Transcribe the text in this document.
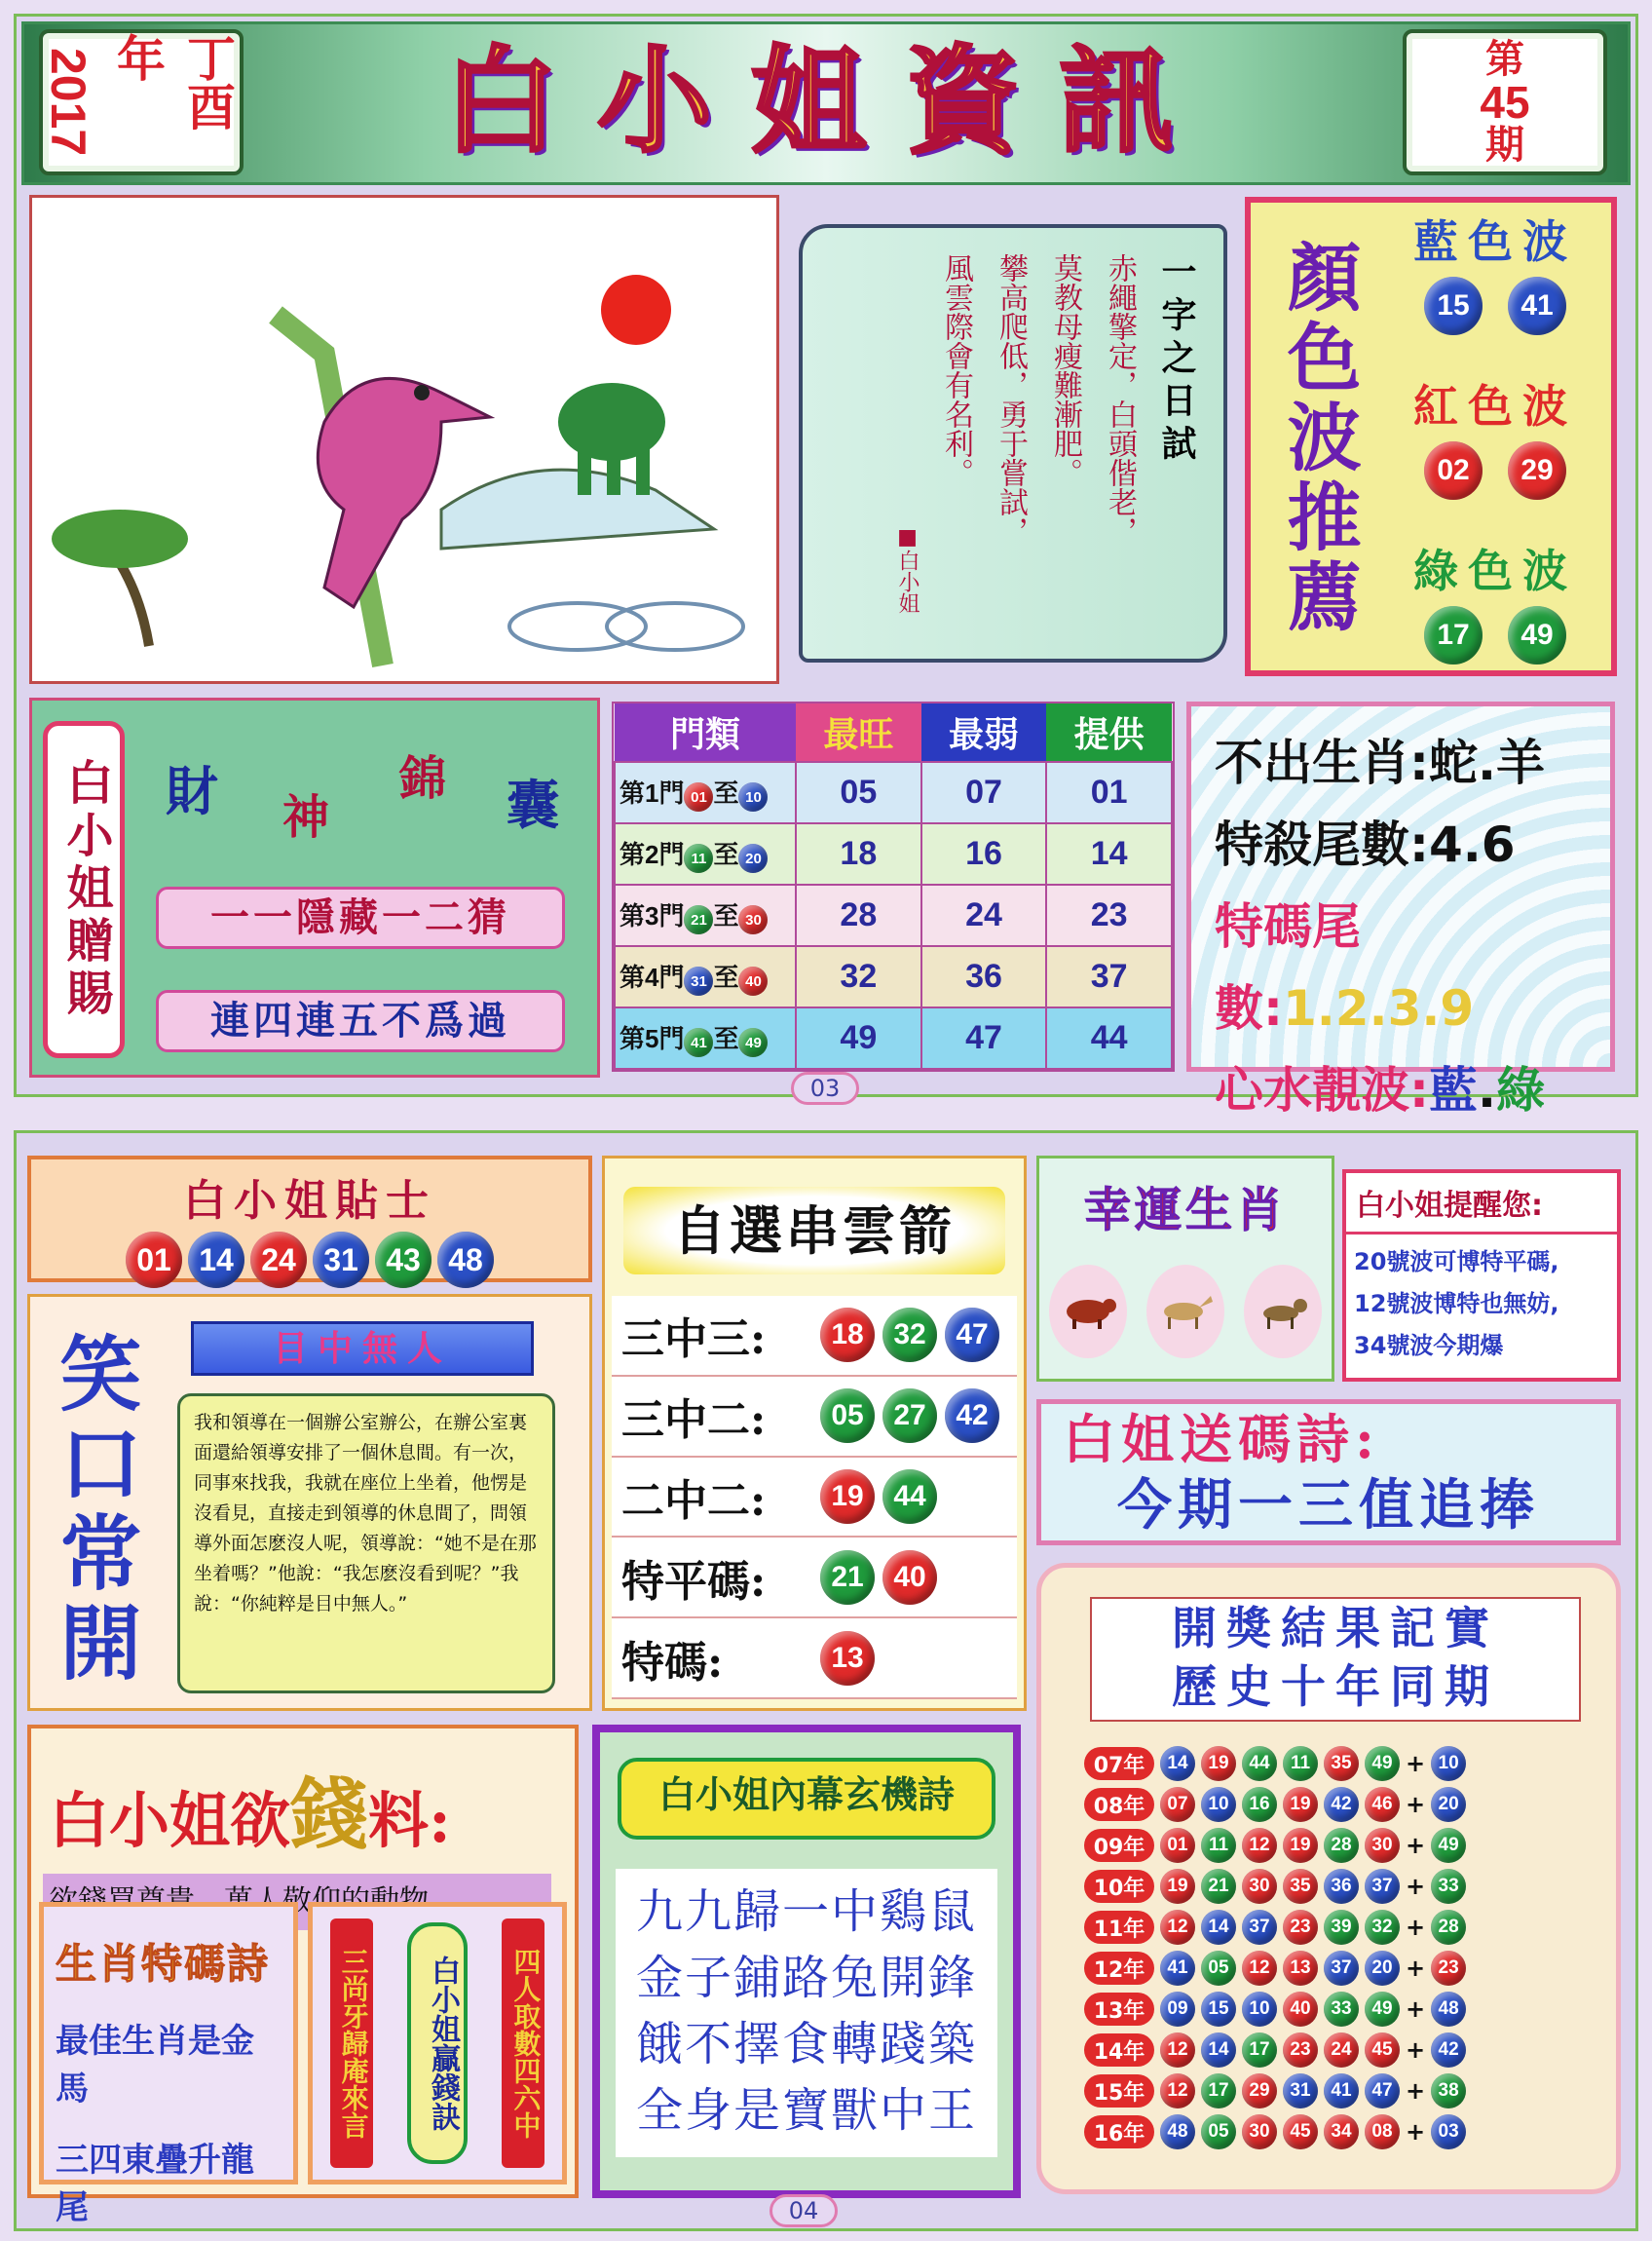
2017	丁酉年	白小姐資訊	第
45
期
一字之日試
赤繩擎定，白頭偕老，
莫教母瘦難漸肥。
攀高爬低，勇于嘗試，
風雲際會有名利。
■白小姐	顏色波推薦	藍色波
15	41
紅色波
02	29
綠色波
17	49
白小姐贈賜 財 神
錦 囊
一一隱藏一二猜
連四連五不爲過
門類	最旺	最弱	提供
第1門 01 至 10	05	07	01
第2門 11 至 20	18	16	14
第3門 21 至 30	28	24	23
第4門 31 至 40	32	36	37
第5門 41 至 49	49	47	44
不出生肖:蛇.羊
特殺尾數:4.6
特碼尾數:1.2.3.9
心水靚波:藍.綠
03
白小姐貼士
01 14 24 31 43 48
笑口常開	目中無人
我和領導在一個辦公室辦公，在辦公室裏面還給領導安排了一個休息間。有一次，同事來找我，我就在座位上坐着，他愣是沒看見，直接走到領導的休息間了，問領導外面怎麽沒人呢，領導說：“她不是在那坐着嗎？”他說：“我怎麽沒看到呢？”我說：“你純粹是目中無人。”
自選串雲箭
三中三:	18	32	47
三中二:	05	27	42
二中二:	19	44
特平碼:	21	40
特碼:	13
幸運生肖	白小姐提醒您:
20號波可博特平碼,
12號波博特也無妨,
34號波今期爆
白姐送碼詩:
今期一三值追捧
開獎結果記實
歷史十年同期
07年	14	19	44	11	35	49 + 10
08年	07	10	16	19	42	46 + 20
09年	01	11	12	19	28	30 + 49
10年	19	21	30	35	36	37 + 33
11年	12	14	37	23	39	32 + 28
12年	41	05	12	13	37	20 + 23
13年	09	15	10	40	33	49 + 48
14年	12	14	17	23	24	45 + 42
15年	12	17	29	31	41	47 + 38
16年	48	05	30	45	34	08 + 03
白小姐欲錢料:
生肖特碼詩
最佳生肖是金馬
三四東疊升龍尾
三尚牙歸庵來言	白小姐贏錢訣 四人取數四六中
白小姐內幕玄機詩
九九歸一中鷄鼠
金子鋪路兔開鋒
餓不擇食轉踐築
全身是寶獸中王
04
